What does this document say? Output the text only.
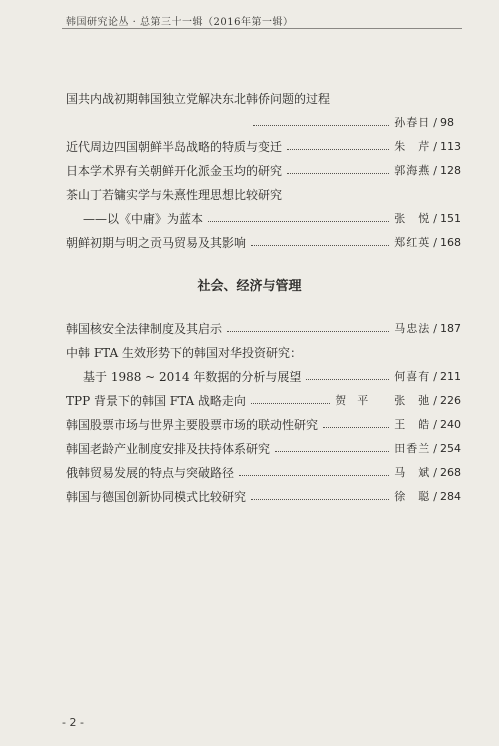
韩国研究论丛 · 总第三十一辑（2016年第一辑）
国共内战初期韩国独立党解决东北韩侨问题的过程
孙春日 / 98
近代周边四国朝鲜半岛战略的特质与变迁	朱　芹 / 113
日本学术界有关朝鲜开化派金玉均的研究	郭海燕 / 128
茶山丁若镛实学与朱熹性理思想比较研究
——以《中庸》为蓝本	张　悦 / 151
朝鲜初期与明之贡马贸易及其影响	郑红英 / 168
社会、经济与管理
韩国核安全法律制度及其启示	马忠法 / 187
中韩 FTA 生效形势下的韩国对华投资研究：
基于 1988 ~ 2014 年数据的分析与展望	何喜有 / 211
TPP 背景下的韩国 FTA 战略走向	贺　平 张　弛 / 226
韩国股票市场与世界主要股票市场的联动性研究	王　皓 / 240
韩国老龄产业制度安排及扶持体系研究	田香兰 / 254
俄韩贸易发展的特点与突破路径	马　斌 / 268
韩国与德国创新协同模式比较研究	徐　聪 / 284
- 2 -
